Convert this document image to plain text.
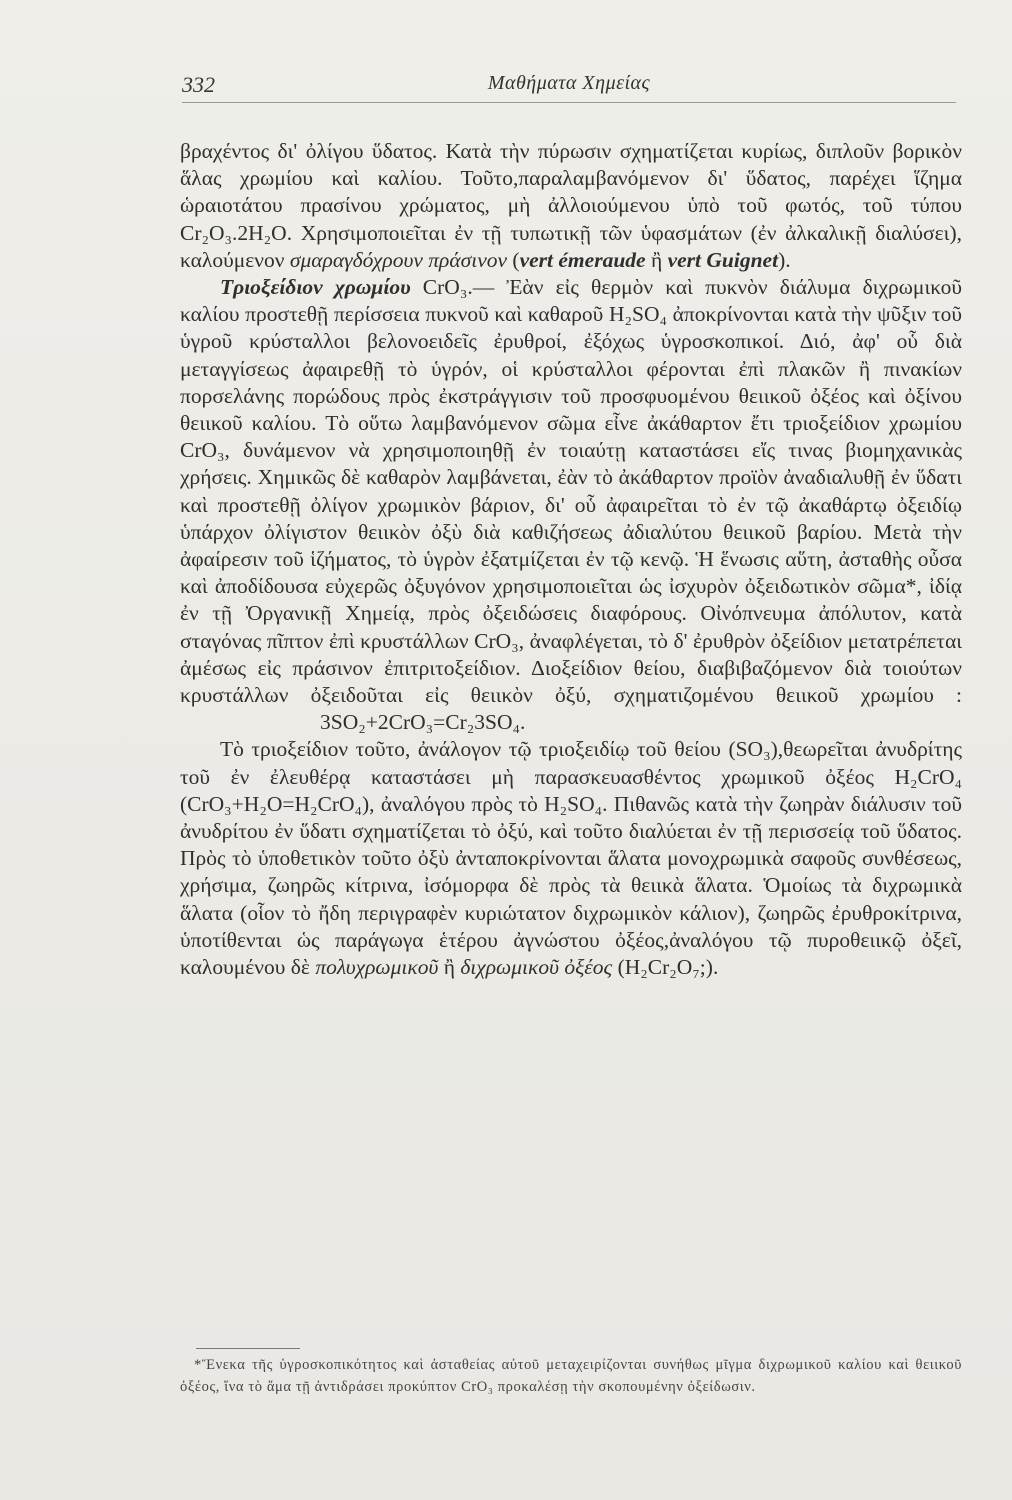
332	Μαθήματα Χημείας

βραχέντος δι' ὀλίγου ὕδατος. Κατὰ τὴν πύρωσιν σχηματίζεται κυρίως, διπλοῦν βορικὸν ἅλας χρωμίου καὶ καλίου. Τοῦτο,παραλαμβανόμενον δι' ὕδατος, παρέχει ἵζημα ὡραιοτάτου πρασίνου χρώματος, μὴ ἀλλοιούμενου ὑπὸ τοῦ φωτός, τοῦ τύπου Cr₂O₃.2H₂O. Χρησιμοποιεῖται ἐν τῇ τυπωτικῇ τῶν ὑφασμάτων (ἐν ἀλκαλικῇ διαλύσει), καλούμενον σμαραγδόχρουν πράσινον (vert émeraude ἢ vert Guignet).

Τριοξείδιον χρωμίου CrO₃.— Ἐὰν εἰς θερμὸν καὶ πυκνὸν διάλυμα διχρωμικοῦ καλίου προστεθῇ περίσσεια πυκνοῦ καὶ καθαροῦ H₂SO₄ ἀποκρίνονται κατὰ τὴν ψῦξιν τοῦ ὑγροῦ κρύσταλλοι βελονοειδεῖς ἐρυθροί, ἐξόχως ὑγροσκοπικοί. Διό, ἀφ' οὗ διὰ μεταγγίσεως ἀφαιρεθῇ τὸ ὑγρόν, οἱ κρύσταλλοι φέρονται ἐπὶ πλακῶν ἢ πινακίων πορσελάνης πορώδους πρὸς ἐκστράγγισιν τοῦ προσφυομένου θειικοῦ ὀξέος καὶ ὀξίνου θειικοῦ καλίου. Τὸ οὕτω λαμβανόμενον σῶμα εἶνε ἀκάθαρτον ἔτι τριοξείδιον χρωμίου CrO₃, δυνάμενον νὰ χρησιμοποιηθῇ ἐν τοιαύτῃ καταστάσει εἴς τινας βιομηχανικὰς χρήσεις. Χημικῶς δὲ καθαρὸν λαμβάνεται, ἐὰν τὸ ἀκάθαρτον προϊὸν ἀναδιαλυθῇ ἐν ὕδατι καὶ προστεθῇ ὀλίγον χρωμικὸν βάριον, δι' οὗ ἀφαιρεῖται τὸ ἐν τῷ ἀκαθάρτῳ ὀξειδίῳ ὑπάρχον ὀλίγιστον θειικὸν ὀξὺ διὰ καθιζήσεως ἀδιαλύτου θειικοῦ βαρίου. Μετὰ τὴν ἀφαίρεσιν τοῦ ἱζήματος, τὸ ὑγρὸν ἐξατμίζεται ἐν τῷ κενῷ. Ἡ ἕνωσις αὕτη, ἀσταθὴς οὖσα καὶ ἀποδίδουσα εὐχερῶς ὀξυγόνον χρησιμοποιεῖται ὡς ἰσχυρὸν ὀξειδωτικὸν σῶμα*, ἰδίᾳ ἐν τῇ Ὀργανικῇ Χημείᾳ, πρὸς ὀξειδώσεις διαφόρους. Οἰνόπνευμα ἀπόλυτον, κατὰ σταγόνας πῖπτον ἐπὶ κρυστάλλων CrO₃, ἀναφλέγεται, τὸ δ' ἐρυθρὸν ὀξείδιον μετατρέπεται ἀμέσως εἰς πράσινον ἐπιτριτοξείδιον. Διοξείδιον θείου, διαβιβαζόμενον διὰ τοιούτων κρυστάλλων ὀξειδοῦται εἰς θειικὸν ὀξύ, σχηματιζομένου θειικοῦ χρωμίου :3SO₂+2CrO₃=Cr₂3SO₄.

Τὸ τριοξείδιον τοῦτο, ἀνάλογον τῷ τριοξειδίῳ τοῦ θείου (SO₃),θεωρεῖται ἀνυδρίτης τοῦ ἐν ἐλευθέρᾳ καταστάσει μὴ παρασκευασθέντος χρωμικοῦ ὀξέος H₂CrO₄ (CrO₃+H₂O=H₂CrO₄), ἀναλόγου πρὸς τὸ H₂SO₄. Πιθανῶς κατὰ τὴν ζωηρὰν διάλυσιν τοῦ ἀνυδρίτου ἐν ὕδατι σχηματίζεται τὸ ὀξύ, καὶ τοῦτο διαλύεται ἐν τῇ περισσείᾳ τοῦ ὕδατος. Πρὸς τὸ ὑποθετικὸν τοῦτο ὀξὺ ἀνταποκρίνονται ἅλατα μονοχρωμικὰ σαφοῦς συνθέσεως, χρήσιμα, ζωηρῶς κίτρινα, ἰσόμορφα δὲ πρὸς τὰ θειικὰ ἅλατα. Ὁμοίως τὰ διχρωμικὰ ἅλατα (οἷον τὸ ἤδη περιγραφὲν κυριώτατον διχρωμικὸν κάλιον), ζωηρῶς ἐρυθροκίτρινα, ὑποτίθενται ὡς παράγωγα ἑτέρου ἀγνώστου ὀξέος,ἀναλόγου τῷ πυροθειικῷ ὀξεῖ, καλουμένου δὲ πολυχρωμικοῦ ἢ διχρωμικοῦ ὀξέος (H₂Cr₂O₇;).

*Ἕνεκα τῆς ὑγροσκοπικότητος καὶ ἀσταθείας αὐτοῦ μεταχειρίζονται συνήθως μῖγμα διχρωμικοῦ καλίου καὶ θειικοῦ ὀξέος, ἵνα τὸ ἅμα τῇ ἀντιδράσει προκύπτον CrO₃ προκαλέσῃ τὴν σκοπουμένην ὀξείδωσιν.
